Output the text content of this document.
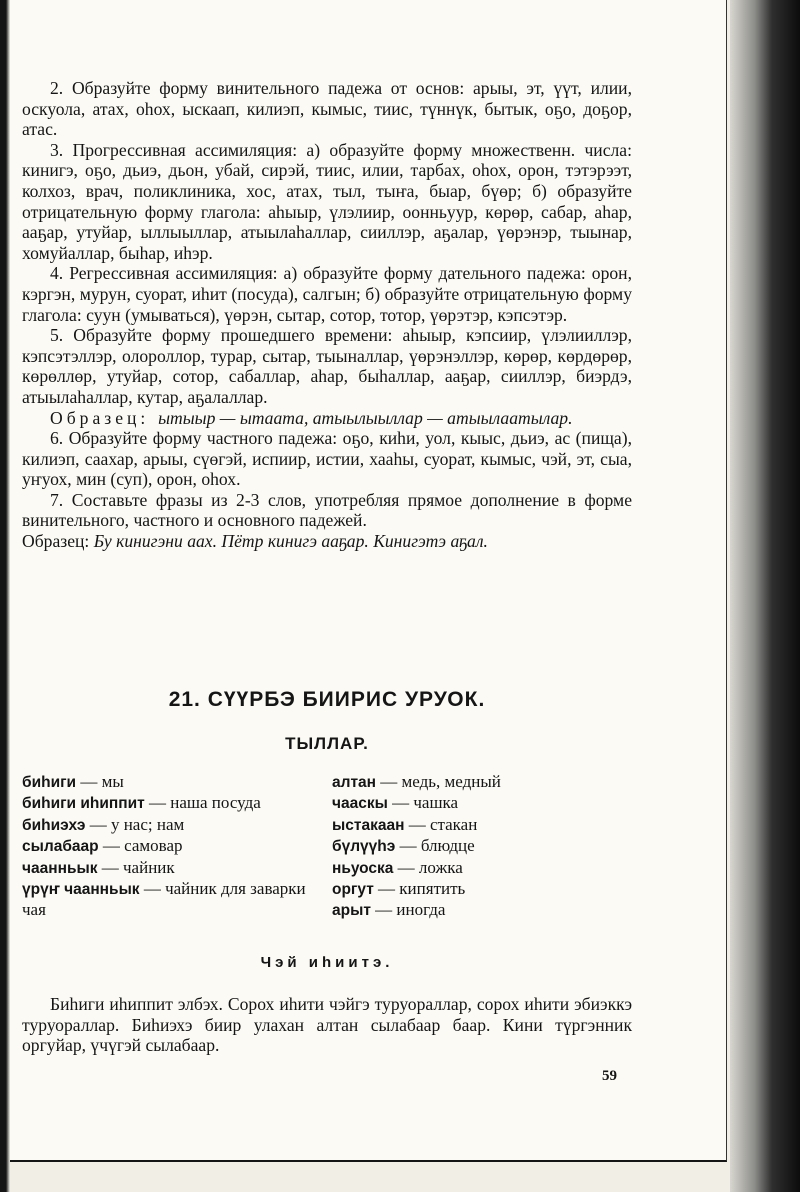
2. Образуйте форму винительного падежа от основ: арыы, эт, үүт, илии, оскуола, атах, оһох, ыскаап, килиэп, кымыс, тиис, түннүк, бытык, оҕо, доҕор, атас.

3. Прогрессивная ассимиляция: а) образуйте форму множественн. числа: кинигэ, оҕо, дьиэ, дьон, убай, сирэй, тиис, илии, тарбах, оһох, орон, тэтэрээт, колхоз, врач, поликлиника, хос, атах, тыл, тыҥа, быар, бүөр; б) образуйте отрицательную форму глагола: аһыыр, үлэлиир, оонньуур, көрөр, сабар, аһар, ааҕар, утуйар, ыллыыллар, атыылаһаллар, сииллэр, аҕалар, үөрэнэр, тыынар, хомуйаллар, быһар, иһэр.

4. Регрессивная ассимиляция: а) образуйте форму дательного падежа: орон, кэргэн, мурун, суорат, иһит (посуда), салгын; б) образуйте отрицательную форму глагола: суун (умываться), үөрэн, сытар, сотор, тотор, үөрэтэр, кэпсэтэр.

5. Образуйте форму прошедшего времени: аһыыр, кэпсиир, үлэлииллэр, кэпсэтэллэр, олороллор, турар, сытар, тыыналлар, үөрэнэллэр, көрөр, көрдөрөр, көрөллөр, утуйар, сотор, сабаллар, аһар, быһаллар, ааҕар, сииллэр, биэрдэ, атыылаһаллар, кутар, аҕалаллар.

Образец: ытыыр — ытаата, атыылыыллар — атыылаатылар.

6. Образуйте форму частного падежа: оҕо, киһи, уол, кыыс, дьиэ, ас (пища), килиэп, саахар, арыы, сүөгэй, испиир, истии, хааһы, суорат, кымыс, чэй, эт, сыа, уҥуох, мин (суп), орон, оһох.

7. Составьте фразы из 2-3 слов, употребляя прямое дополнение в форме винительного, частного и основного падежей.

Образец: Бу кинигэни аах. Пётр кинигэ ааҕар. Кинигэтэ аҕал.

21. СҮҮРБЭ БИИРИС УРУОК.
ТЫЛЛАР.

биһиги — мы

биһиги иһиппит — наша посуда

биһиэхэ — у нас; нам

сылабаар — самовар

чаанньык — чайник

үрүҥ чаанньык — чайник для заварки чая

алтан — медь, медный

чааскы — чашка

ыстакаан — стакан

бүлүүһэ — блюдце

ньуоска — ложка

оргут — кипятить

арыт — иногда

Чэй иһиитэ.

Биһиги иһиппит элбэх. Сорох иһити чэйгэ туруораллар, сорох иһити эбиэккэ туруораллар. Биһиэхэ биир улахан алтан сылабаар баар. Кини түргэнник оргуйар, үчүгэй сылабаар.

59
